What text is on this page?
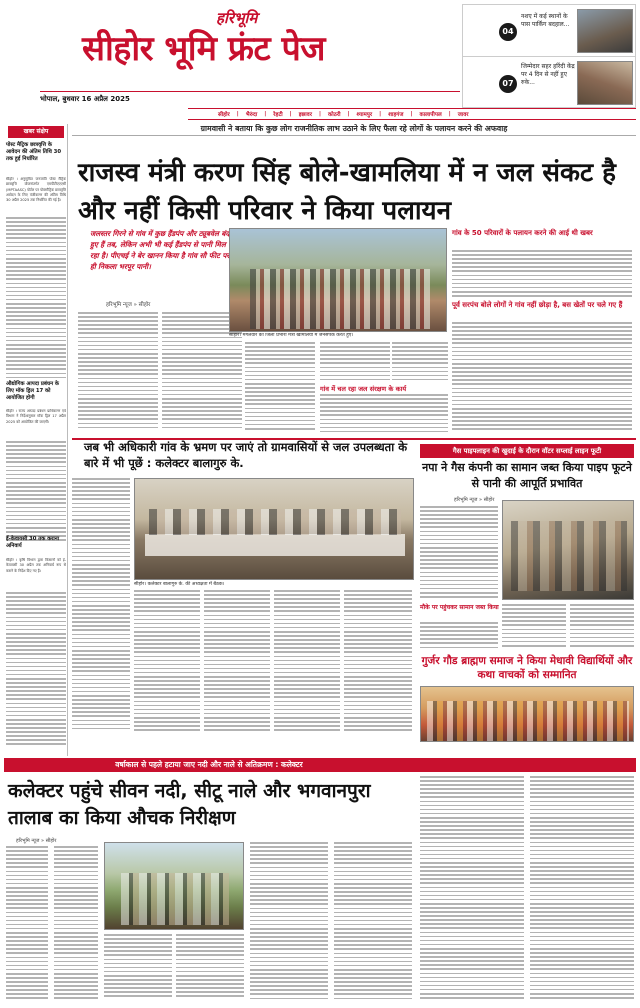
हरिभूमि
सीहोर भूमि फ्रंट पेज
भोपाल, बुधवार 16 अप्रैल 2025
04
नशए में कई स्थानों के पास पार्किंग बदहाल...
07
जिम्मेदार सहर हरिंदी केंद्र पर 4 दिन से नहीं हुए रुके...
सीहोर | भैरुंदा | रेहटी | इछावर | कोठरी | श्यामपुर | शाहगंज | कालापीपल | जावर
खबर संक्षेप
पोस्ट मैट्रिक छात्रवृत्ति के आवेदन की अंतिम तिथि 30 तक हुई निर्धारित
सीहोर । अनुसूचित जनजाति पोस्ट मैट्रिक छात्रवृत्ति योजनांतर्गत एमपीटीएएएसी (MPTAASC) पोर्टल पर पोस्टमैट्रिक छात्रवृत्ति आवेदन के लिए पंजीकरण की अंतिम तिथि 30 अप्रैल 2025 तक निर्धारित की गई है।
औद्योगिक आपदा प्रबंधन के लिए मॉक ड्रिल 17 को आयोजित होगी
सीहोर । राज्य आपदा प्रबंधन प्राधिकरण एवं विभाग ने निर्देशानुसार मॉक ड्रिल 17 अप्रैल 2025 को आयोजित की जाएगी।
ई-केवायसी 30 तक कराना अनिवार्य
सीहोर । कृषि विभाग द्वारा किसानों को ई-केवायसी 30 अप्रैल तक अनिवार्य रूप से कराने के निर्देश दिए गए हैं।
ग्रामवासी ने बताया कि कुछ लोग राजनीतिक लाभ उठाने के लिए फैला रहे लोगों के पलायन करने की अफवाह
राजस्व मंत्री करण सिंह बोले-खामलिया में न जल संकट है और नहीं किसी परिवार ने किया पलायन
जलस्तर गिरने से गांव में कुछ हैंडपंप और ट्यूबवेल बंद हुए हैं तब, लेकिन अभी भी कई हैंडपंप से पानी मिल रहा है। पीएचई ने बेर खानन किया है गांव सौ फीट पर ही निकला भरपूर पानी।
हरिभूमि न्यूज » सीहोर
सीहोर। मंगलवार को जिला प्रभारी मंत्री खामलिया में जनसंपर्क करते हुए।
गांव में चल रहा जल संरक्षण के कार्य
गांव के 50 परिवारों के पलायन करने की आई थी खबर
पूर्व सरपंच बोले लोगों ने गांव नहीं छोड़ा है, बस खेतों पर चले गए हैं
जब भी अधिकारी गांव के भ्रमण पर जाएं तो ग्रामवासियों से जल उपलब्धता के बारे में भी पूछें : कलेक्टर बालागुरु के.
सीहोर। कलेक्टर बालागुरु के. की अध्यक्षता में बैठक।
गैस पाइपलाइन की खुदाई के दौरान वॉटर सप्लाई लाइन फूटी
नपा ने गैस कंपनी का सामान जब्त किया पाइप फूटने से पानी की आपूर्ति प्रभावित
हरिभूमि न्यूज » सीहोर
मौके पर पहुंचकर सामान जब्त किया
गुर्जर गौड ब्राह्मण समाज ने किया मेधावी विद्यार्थियों और कथा वाचकों को सम्मानित
वर्षाकाल से पहले हटाया जाए नदी और नाले से अतिक्रमण : कलेक्टर
कलेक्टर पहुंचे सीवन नदी, सीटू नाले और भगवानपुरा तालाब का किया औचक निरीक्षण
हरिभूमि न्यूज » सीहोर
